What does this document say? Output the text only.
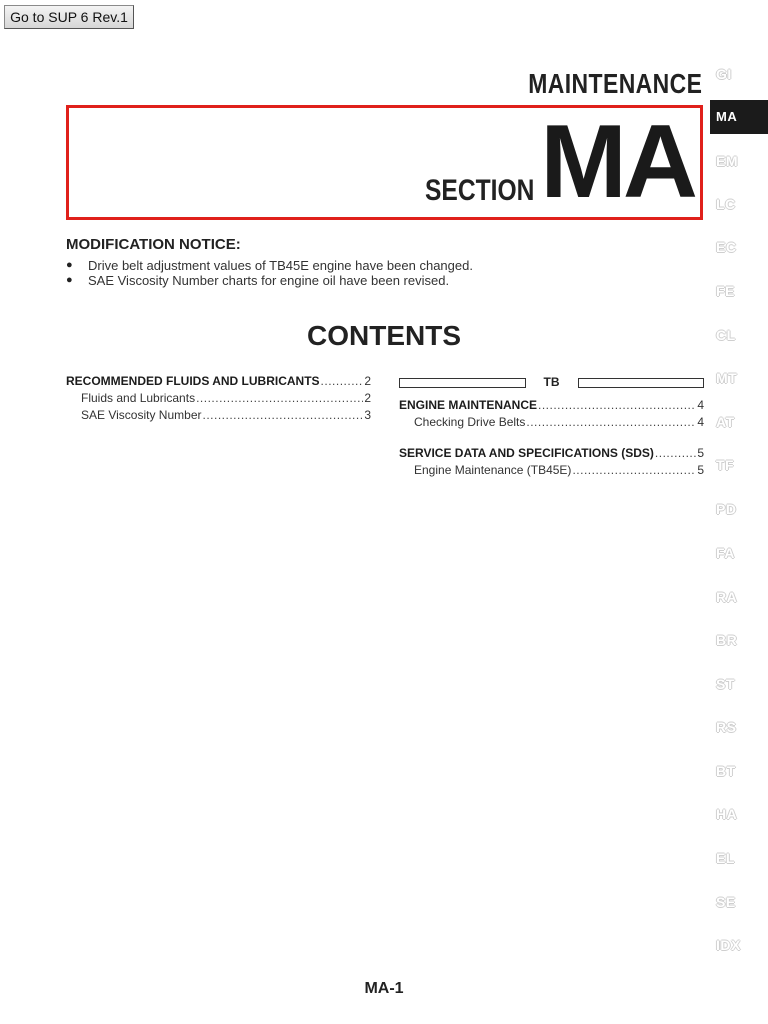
Go to SUP 6 Rev.1
MAINTENANCE
SECTION MA
MODIFICATION NOTICE:
● Drive belt adjustment values of TB45E engine have been changed.
● SAE Viscosity Number charts for engine oil have been revised.
CONTENTS
RECOMMENDED FLUIDS AND LUBRICANTS .....	2
Fluids and Lubricants .....	2
SAE Viscosity Number .....	3
TB
ENGINE MAINTENANCE .....	4
Checking Drive Belts .....	4
SERVICE DATA AND SPECIFICATIONS (SDS) .....	5
Engine Maintenance (TB45E) .....	5
GI
MA
EM
LC
EC
FE
CL
MT
AT
TF
PD
FA
RA
BR
ST
RS
BT
HA
EL
SE
IDX
MA-1
